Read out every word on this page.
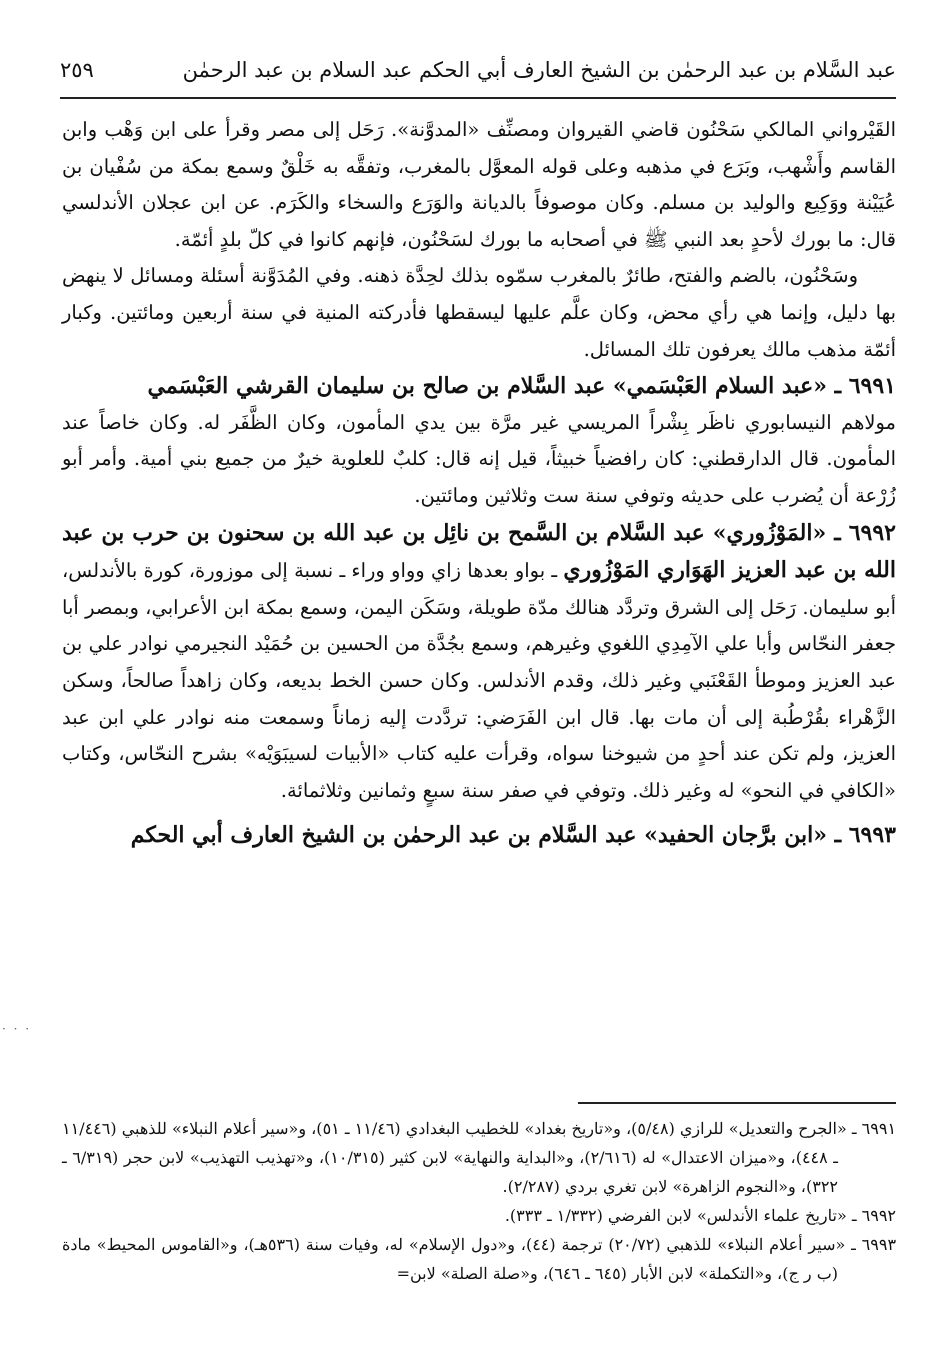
عبد السَّلام بن عبد الرحمٰن بن الشيخ العارف أبي الحكم عبد السلام بن عبد الرحمٰن
٢٥٩

القَيْرواني المالكي سَحْنُون قاضي القيروان ومصنِّف «المدوَّنة». رَحَل إلى مصر وقرأ على ابن وَهْب وابن القاسم وأَشْهب، وبَرَع في مذهبه وعلى قوله المعوَّل بالمغرب، وتفقَّه به خَلْقٌ وسمع بمكة من سُفْيان بن عُيَيْنة ووَكِيع والوليد بن مسلم. وكان موصوفاً بالديانة والوَرَع والسخاء والكَرَم. عن ابن عجلان الأندلسي قال: ما بورك لأحدٍ بعد النبي ﷺ في أصحابه ما بورك لسَحْنُون، فإنهم كانوا في كلّ بلدٍ أئمّة.

وسَحْنُون، بالضم والفتح، طائرٌ بالمغرب سمّوه بذلك لحِدَّة ذهنه. وفي المُدَوَّنة أسئلة ومسائل لا ينهض بها دليل، وإنما هي رأي محض، وكان علَّم عليها ليسقطها فأدركته المنية في سنة أربعين ومائتين. وكبار أئمّة مذهب مالك يعرفون تلك المسائل.

٦٩٩١ ـ «عبد السلام العَبْسَمي» عبد السَّلام بن صالح بن سليمان القرشي العَبْسَمي

مولاهم النيسابوري ناظَر بِشْراً المريسي غير مرَّة بين يدي المأمون، وكان الظَّفَر له. وكان خاصاً عند المأمون. قال الدارقطني: كان رافضياً خبيثاً، قيل إنه قال: كلبٌ للعلوية خيرٌ من جميع بني أمية. وأمر أبو زُرْعة أن يُضرب على حديثه وتوفي سنة ست وثلاثين ومائتين.

٦٩٩٢ ـ «المَوْزُوري» عبد السَّلام بن السَّمح بن نائِل بن عبد الله بن سحنون بن حرب بن عبد الله بن عبد العزيز الهَوَاري المَوْزُوري ـ بواو بعدها زاي وواو وراء ـ نسبة إلى موزورة، كورة بالأندلس، أبو سليمان. رَحَل إلى الشرق وتردَّد هنالك مدّة طويلة، وسَكَن اليمن، وسمع بمكة ابن الأعرابي، وبمصر أبا جعفر النحّاس وأبا علي الآمِدِي اللغوي وغيرهم، وسمع بجُدَّة من الحسين بن حُمَيْد النجيرمي نوادر علي بن عبد العزيز وموطأ القَعْنَبي وغير ذلك، وقدم الأندلس. وكان حسن الخط بديعه، وكان زاهداً صالحاً، وسكن الزَّهْراء بقُرْطُبة إلى أن مات بها. قال ابن الفَرَضي: تردَّدت إليه زماناً وسمعت منه نوادر علي ابن عبد العزيز، ولم تكن عند أحدٍ من شيوخنا سواه، وقرأت عليه كتاب «الأبيات لسيبَوَيْه» بشرح النحّاس، وكتاب «الكافي في النحو» له وغير ذلك. وتوفي في صفر سنة سبعٍ وثمانين وثلاثمائة.

٦٩٩٣ ـ «ابن برَّجان الحفيد» عبد السَّلام بن عبد الرحمٰن بن الشيخ العارف أبي الحكم

٦٩٩١ ـ «الجرح والتعديل» للرازي (٥/٤٨)، و«تاريخ بغداد» للخطيب البغدادي (١١/٤٦ ـ ٥١)، و«سير أعلام النبلاء» للذهبي (١١/٤٤٦ ـ ٤٤٨)، و«ميزان الاعتدال» له (٢/٦١٦)، و«البداية والنهاية» لابن كثير (١٠/٣١٥)، و«تهذيب التهذيب» لابن حجر (٦/٣١٩ ـ ٣٢٢)، و«النجوم الزاهرة» لابن تغري بردي (٢/٢٨٧).

٦٩٩٢ ـ «تاريخ علماء الأندلس» لابن الفرضي (١/٣٣٢ ـ ٣٣٣).

٦٩٩٣ ـ «سير أعلام النبلاء» للذهبي (٢٠/٧٢) ترجمة (٤٤)، و«دول الإسلام» له، وفيات سنة (٥٣٦هـ)، و«القاموس المحيط» مادة (ب ر ج)، و«التكملة» لابن الأبار (٦٤٥ ـ ٦٤٦)، و«صلة الصلة» لابن=

· · ·
